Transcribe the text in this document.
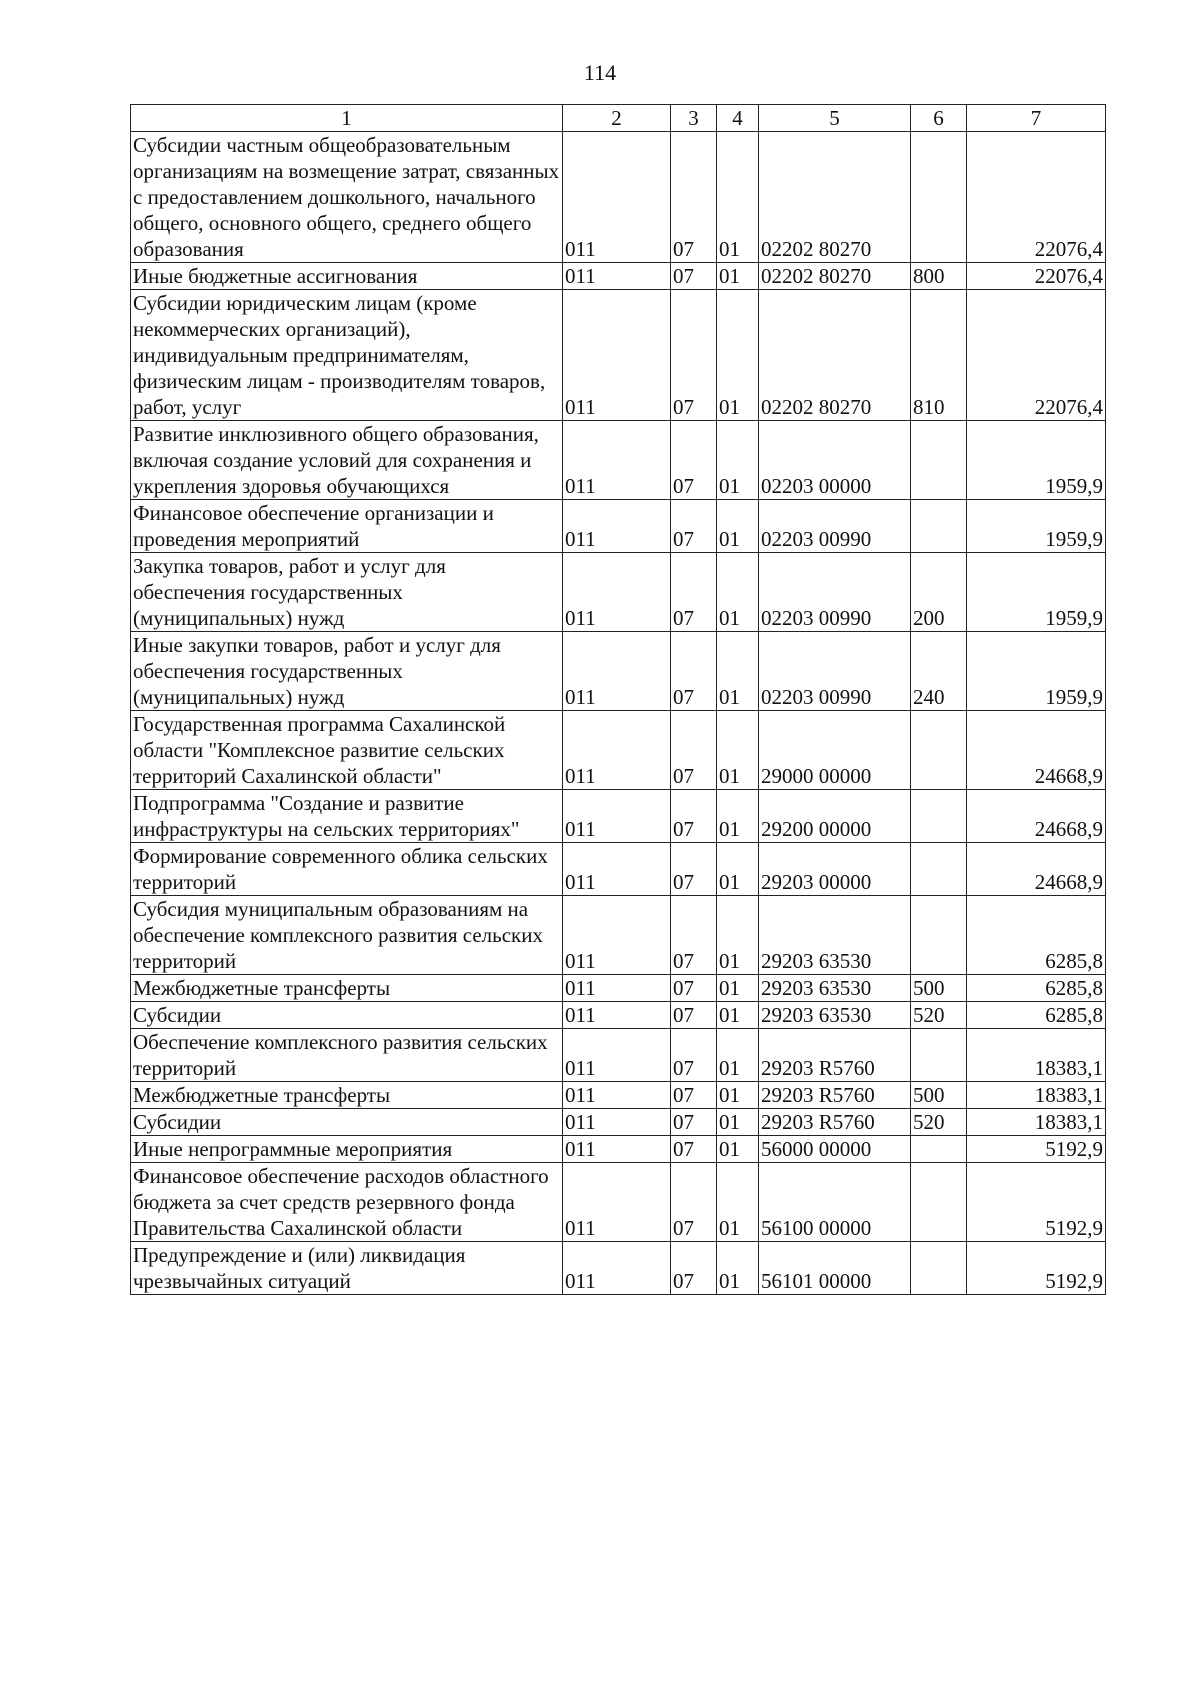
114
1	2	3	4	5	6	7
Субсидии частным общеобразовательным организациям на возмещение затрат, связанных с предоставлением дошкольного, начального общего, основного общего, среднего общего образования	011	07	01	02202 80270		22076,4
Иные бюджетные ассигнования	011	07	01	02202 80270	800	22076,4
Субсидии юридическим лицам (кроме некоммерческих организаций), индивидуальным предпринимателям, физическим лицам - производителям товаров, работ, услуг	011	07	01	02202 80270	810	22076,4
Развитие инклюзивного общего образования, включая создание условий для сохранения и укрепления здоровья обучающихся	011	07	01	02203 00000		1959,9
Финансовое обеспечение организации и проведения мероприятий	011	07	01	02203 00990		1959,9
Закупка товаров, работ и услуг для обеспечения государственных (муниципальных) нужд	011	07	01	02203 00990	200	1959,9
Иные закупки товаров, работ и услуг для обеспечения государственных (муниципальных) нужд	011	07	01	02203 00990	240	1959,9
Государственная программа Сахалинской области "Комплексное развитие сельских территорий Сахалинской области"	011	07	01	29000 00000		24668,9
Подпрограмма "Создание и развитие инфраструктуры на сельских территориях"	011	07	01	29200 00000		24668,9
Формирование современного облика сельских территорий	011	07	01	29203 00000		24668,9
Субсидия муниципальным образованиям на обеспечение комплексного развития сельских территорий	011	07	01	29203 63530		6285,8
Межбюджетные трансферты	011	07	01	29203 63530	500	6285,8
Субсидии	011	07	01	29203 63530	520	6285,8
Обеспечение комплексного развития сельских территорий	011	07	01	29203 R5760		18383,1
Межбюджетные трансферты	011	07	01	29203 R5760	500	18383,1
Субсидии	011	07	01	29203 R5760	520	18383,1
Иные непрограммные мероприятия	011	07	01	56000 00000		5192,9
Финансовое обеспечение расходов областного бюджета за счет средств резервного фонда Правительства Сахалинской области	011	07	01	56100 00000		5192,9
Предупреждение и (или) ликвидация чрезвычайных ситуаций	011	07	01	56101 00000		5192,9
